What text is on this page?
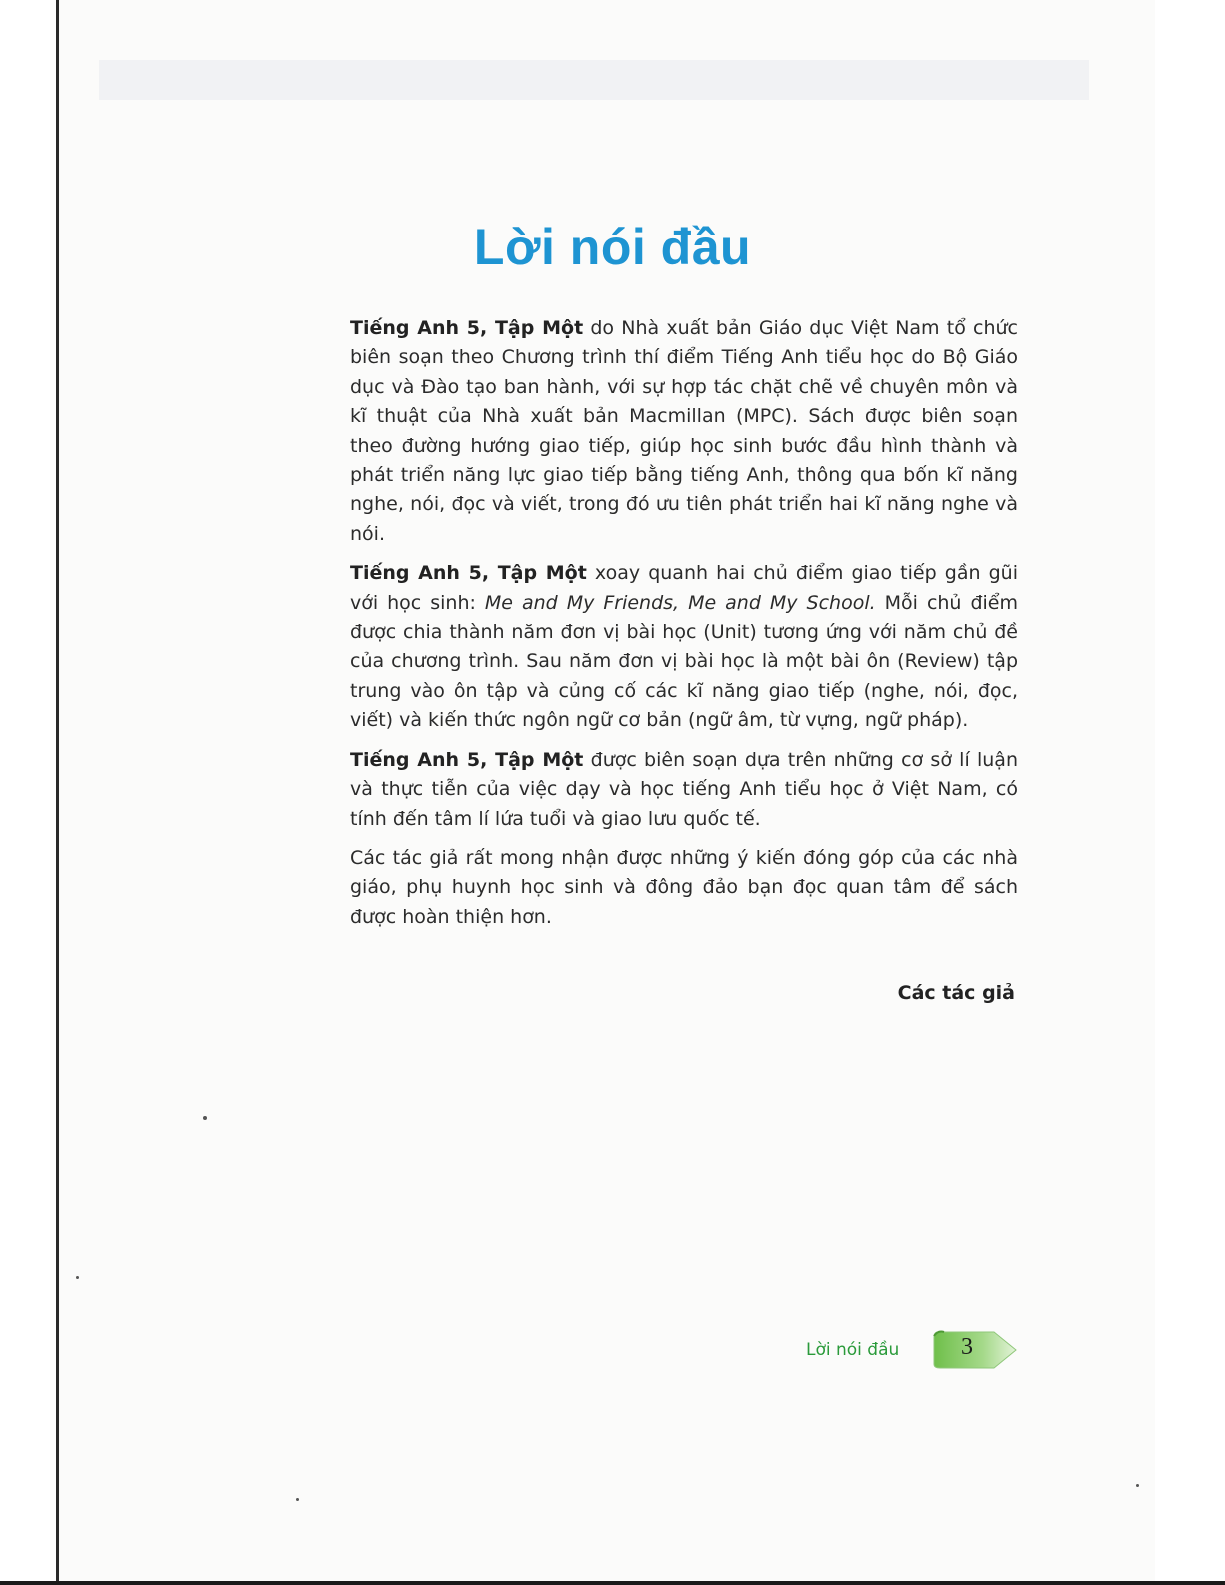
Lời nói đầu

Tiếng Anh 5, Tập Một do Nhà xuất bản Giáo dục Việt Nam tổ chức biên soạn theo Chương trình thí điểm Tiếng Anh tiểu học do Bộ Giáo dục và Đào tạo ban hành, với sự hợp tác chặt chẽ về chuyên môn và kĩ thuật của Nhà xuất bản Macmillan (MPC). Sách được biên soạn theo đường hướng giao tiếp, giúp học sinh bước đầu hình thành và phát triển năng lực giao tiếp bằng tiếng Anh, thông qua bốn kĩ năng nghe, nói, đọc và viết, trong đó ưu tiên phát triển hai kĩ năng nghe và nói.

Tiếng Anh 5, Tập Một xoay quanh hai chủ điểm giao tiếp gần gũi với học sinh: Me and My Friends, Me and My School. Mỗi chủ điểm được chia thành năm đơn vị bài học (Unit) tương ứng với năm chủ đề của chương trình. Sau năm đơn vị bài học là một bài ôn (Review) tập trung vào ôn tập và củng cố các kĩ năng giao tiếp (nghe, nói, đọc, viết) và kiến thức ngôn ngữ cơ bản (ngữ âm, từ vựng, ngữ pháp).

Tiếng Anh 5, Tập Một được biên soạn dựa trên những cơ sở lí luận và thực tiễn của việc dạy và học tiếng Anh tiểu học ở Việt Nam, có tính đến tâm lí lứa tuổi và giao lưu quốc tế.

Các tác giả rất mong nhận được những ý kiến đóng góp của các nhà giáo, phụ huynh học sinh và đông đảo bạn đọc quan tâm để sách được hoàn thiện hơn.

Các tác giả
Lời nói đầu	3
